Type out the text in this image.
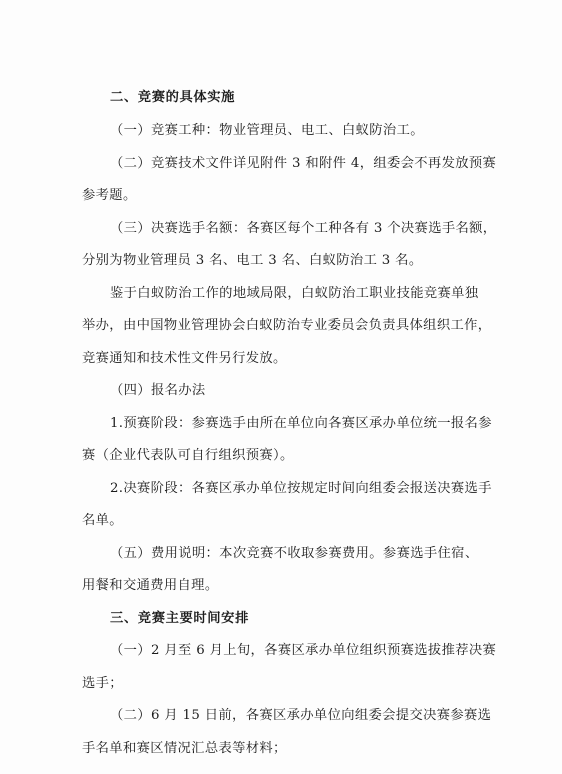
二、竞赛的具体实施
（一）竞赛工种：物业管理员、电工、白蚁防治工。
（二）竞赛技术文件详见附件 3 和附件 4，组委会不再发放预赛
参考题。
（三）决赛选手名额：各赛区每个工种各有 3 个决赛选手名额，
分别为物业管理员 3 名、电工 3 名、白蚁防治工 3 名。
鉴于白蚁防治工作的地域局限，白蚁防治工职业技能竞赛单独
举办，由中国物业管理协会白蚁防治专业委员会负责具体组织工作，
竞赛通知和技术性文件另行发放。
（四）报名办法
1.预赛阶段：参赛选手由所在单位向各赛区承办单位统一报名参
赛（企业代表队可自行组织预赛）。
2.决赛阶段：各赛区承办单位按规定时间向组委会报送决赛选手
名单。
（五）费用说明：本次竞赛不收取参赛费用。参赛选手住宿、
用餐和交通费用自理。
三、竞赛主要时间安排
（一）2 月至 6 月上旬，各赛区承办单位组织预赛选拔推荐决赛
选手；
（二）6 月 15 日前，各赛区承办单位向组委会提交决赛参赛选
手名单和赛区情况汇总表等材料；
